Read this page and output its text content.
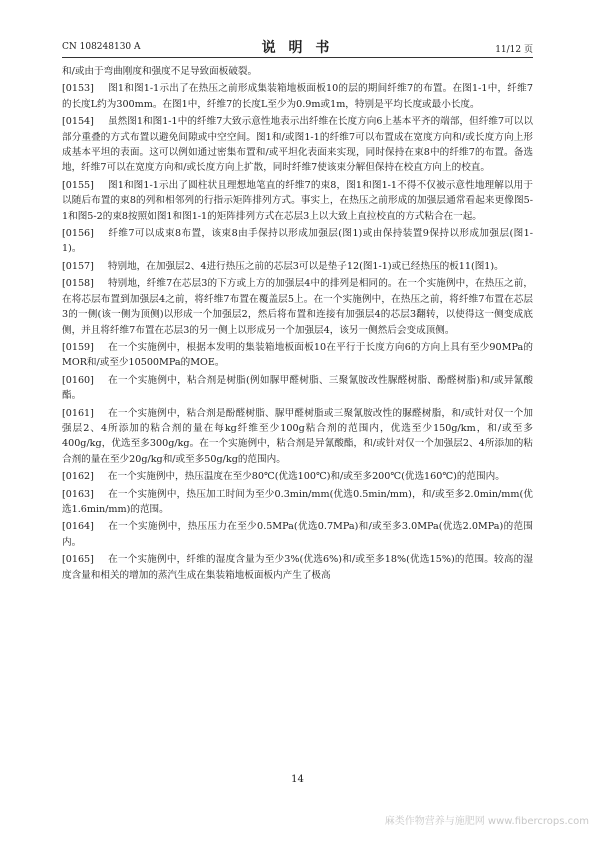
CN 108248130 A	说 明 书	11/12 页

和/或由于弯曲刚度和强度不足导致面板破裂。

[0153] 图1和图1-1示出了在热压之前形成集装箱地板面板10的层的期间纤维7的布置。在图1-1中，纤维7的长度L约为300mm。在图1中，纤维7的长度L至少为0.9m或1m，特别是平均长度或最小长度。

[0154] 虽然图1和图1-1中的纤维7大致示意性地表示出纤维在长度方向6上基本平齐的端部，但纤维7可以以部分重叠的方式布置以避免间隙或中空空间。图1和/或图1-1的纤维7可以布置成在宽度方向和/或长度方向上形成基本平坦的表面。这可以例如通过密集布置和/或平坦化表面来实现，同时保持在束8中的纤维7的布置。备选地，纤维7可以在宽度方向和/或长度方向上扩散，同时纤维7使该束分解但保持在校直方向上的校直。

[0155] 图1和图1-1示出了圆柱状且理想地笔直的纤维7的束8，图1和图1-1不得不仅被示意性地理解以用于以随后布置的束8的列和相邻列的行指示矩阵排列方式。事实上，在热压之前形成的加强层通常看起来更像图5-1和图5-2的束8按照如图1和图1-1的矩阵排列方式在芯层3上以大致上直拉校直的方式粘合在一起。

[0156] 纤维7可以成束8布置，该束8由手保持以形成加强层(图1)或由保持装置9保持以形成加强层(图1-1)。

[0157] 特别地，在加强层2、4进行热压之前的芯层3可以是垫子12(图1-1)或已经热压的板11(图1)。

[0158] 特别地，纤维7在芯层3的下方或上方的加强层4中的排列是相同的。在一个实施例中，在热压之前，在将芯层布置到加强层4之前，将纤维7布置在覆盖层5上。在一个实施例中，在热压之前，将纤维7布置在芯层3的一侧(该一侧为顶侧)以形成一个加强层2，然后将布置和连接有加强层4的芯层3翻转，以使得这一侧变成底侧，并且将纤维7布置在芯层3的另一侧上以形成另一个加强层4，该另一侧然后会变成顶侧。

[0159] 在一个实施例中，根据本发明的集装箱地板面板10在平行于长度方向6的方向上具有至少90MPa的MOR和/或至少10500MPa的MOE。

[0160] 在一个实施例中，粘合剂是树脂(例如脲甲醛树脂、三聚氰胺改性脲醛树脂、酚醛树脂)和/或异氰酸酯。

[0161] 在一个实施例中，粘合剂是酚醛树脂、脲甲醛树脂或三聚氰胺改性的脲醛树脂，和/或针对仅一个加强层2、4所添加的粘合剂的量在每kg纤维至少100g粘合剂的范围内，优选至少150g/km，和/或至多400g/kg，优选至多300g/kg。在一个实施例中，粘合剂是异氰酸酯，和/或针对仅一个加强层2、4所添加的粘合剂的量在至少20g/kg和/或至多50g/kg的范围内。

[0162] 在一个实施例中，热压温度在至少80℃(优选100℃)和/或至多200℃(优选160℃)的范围内。

[0163] 在一个实施例中，热压加工时间为至少0.3min/mm(优选0.5min/mm)，和/或至多2.0min/mm(优选1.6min/mm)的范围。

[0164] 在一个实施例中，热压压力在至少0.5MPa(优选0.7MPa)和/或至多3.0MPa(优选2.0MPa)的范围内。

[0165] 在一个实施例中，纤维的湿度含量为至少3%(优选6%)和/或至多18%(优选15%)的范围。较高的湿度含量和相关的增加的蒸汽生成在集装箱地板面板内产生了极高

14
麻类作物营养与施肥网 www.fibercrops.com
